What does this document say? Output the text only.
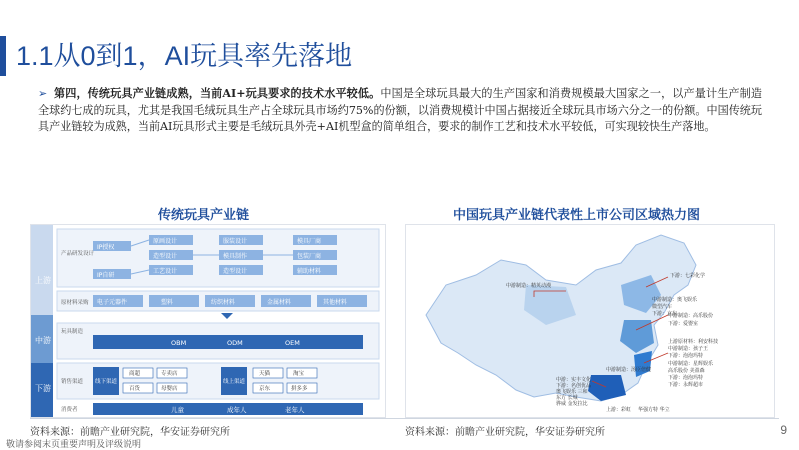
1.1从0到1，AI玩具率先落地
第四，传统玩具产业链成熟，当前AI+玩具要求的技术水平较低。中国是全球玩具最大的生产国家和消费规模最大国家之一，以产量计生产制造全球约七成的玩具，尤其是我国毛绒玩具生产占全球玩具市场约75%的份额，以消费规模计中国占据接近全球玩具市场六分之一的份额。中国传统玩具产业链较为成熟，当前AI玩具形式主要是毛绒玩具外壳+AI机型盒的简单组合，要求的制作工艺和技术水平较低，可实现较快生产落地。
➢
传统玩具产业链	中国玩具产业链代表性上市公司区域热力图
上游
中游
下游
产品研发设计
IP授权
IP自研
原画设计
造型设计
工艺设计
服装设计
模具制作
造型设计
模具厂商
包装厂商
辅助材料
原材料采购 电子元器件	塑料	纺织材料	金属材料	其他材料
玩具制造
OBM	ODM	OEM
销售渠道 线下渠道
商超	专卖店
百货	母婴店
线上渠道
天猫	淘宝
京东	拼多多
消费者	儿童	成年人	老年人
中游制造：精英动漫
下游：七彩化学
中游制造：奥飞娱乐
微型汽车
下游：京东
中游制造：高乐股份
下游：爱婴室
上游原材料：利安科技
中游制造：孩子王
下游：泡泡玛特
中游制造：星辉娱乐
高乐股份 美盈森
下游：泡泡玛特
中游：实丰文化
下游：名创优品
奥飞娱乐 三和
东方 长城
骅威 金发拉比
下游：永辉超市
中游制造：汤臣倍健
上游：彩虹 华强方特 华立
资料来源：前瞻产业研究院，华安证券研究所	资料来源：前瞻产业研究院，华安证券研究所	9
敬请参阅末页重要声明及评级说明
